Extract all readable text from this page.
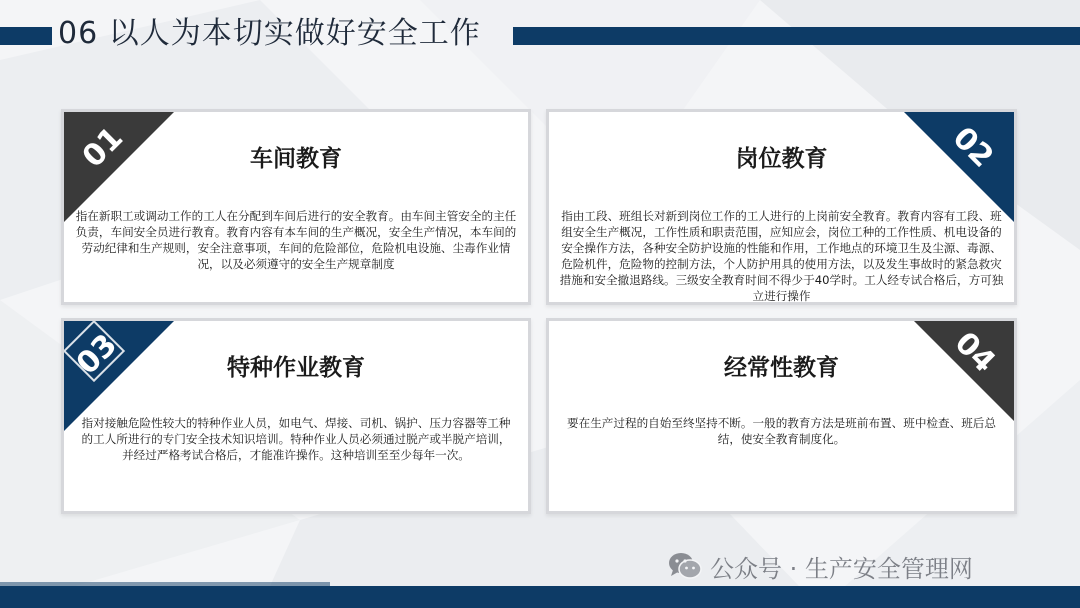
06 以人为本切实做好安全工作
01	车间教育
指在新职工或调动工作的工人在分配到车间后进行的安全教育。由车间主管安全的主任负责，车间安全员进行教育。教育内容有本车间的生产概况，安全生产情况，本车间的劳动纪律和生产规则，安全注意事项，车间的危险部位，危险机电设施、尘毒作业情况，以及必须遵守的安全生产规章制度
02
岗位教育
指由工段、班组长对新到岗位工作的工人进行的上岗前安全教育。教育内容有工段、班组安全生产概况，工作性质和职责范围，应知应会，岗位工种的工作性质、机电设备的安全操作方法，各种安全防护设施的性能和作用，工作地点的环境卫生及尘源、毒源、危险机件，危险物的控制方法，个人防护用具的使用方法，以及发生事故时的紧急救灾措施和安全撤退路线。三级安全教育时间不得少于40学时。工人经专试合格后，方可独立进行操作
03	特种作业教育
指对接触危险性较大的特种作业人员，如电气、焊接、司机、锅护、压力容器等工种的工人所进行的专门安全技术知识培训。特种作业人员必须通过脱产或半脱产培训，并经过严格考试合格后，才能准许操作。这种培训至至少每年一次。
04
经常性教育
要在生产过程的自始至终坚持不断。一般的教育方法是班前布置、班中检查、班后总结，使安全教育制度化。
公众号 · 生产安全管理网
